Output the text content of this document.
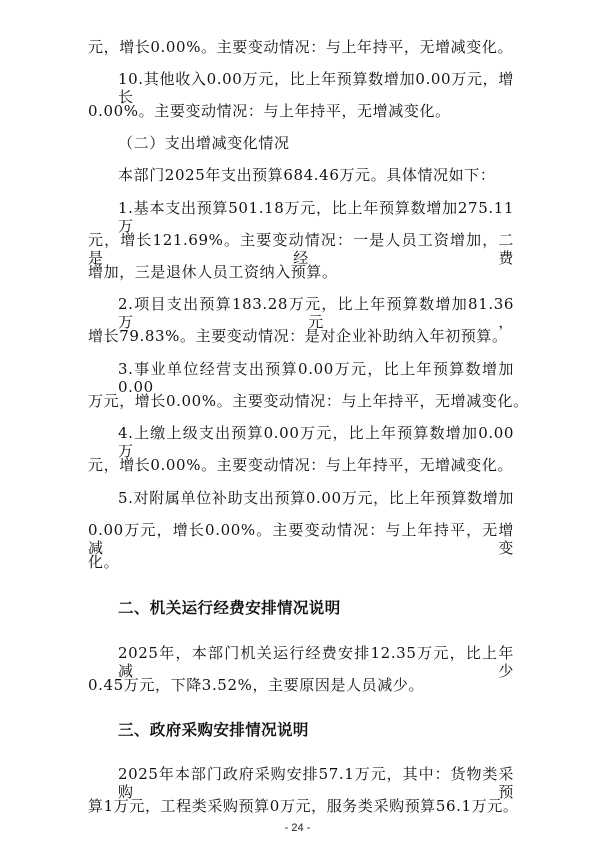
元，增长0.00%。主要变动情况：与上年持平，无增减变化。
10.其他收入0.00万元，比上年预算数增加0.00万元，增长
0.00%。主要变动情况：与上年持平，无增减变化。
（二）支出增减变化情况
本部门2025年支出预算684.46万元。具体情况如下：
1.基本支出预算501.18万元，比上年预算数增加275.11万
元，增长121.69%。主要变动情况：一是人员工资增加，二是经费
增加，三是退休人员工资纳入预算。
2.项目支出预算183.28万元，比上年预算数增加81.36万元，
增长79.83%。主要变动情况：是对企业补助纳入年初预算。
3.事业单位经营支出预算0.00万元，比上年预算数增加0.00
万元，增长0.00%。主要变动情况：与上年持平，无增减变化。
4.上缴上级支出预算0.00万元，比上年预算数增加0.00万
元，增长0.00%。主要变动情况：与上年持平，无增减变化。
5.对附属单位补助支出预算0.00万元，比上年预算数增加
0.00万元，增长0.00%。主要变动情况：与上年持平，无增减变
化。
二、机关运行经费安排情况说明
2025年，本部门机关运行经费安排12.35万元，比上年减少
0.45万元，下降3.52%，主要原因是人员减少。
三、政府采购安排情况说明
2025年本部门政府采购安排57.1万元，其中：货物类采购预
算1万元，工程类采购预算0万元，服务类采购预算56.1万元。
- 24 -
